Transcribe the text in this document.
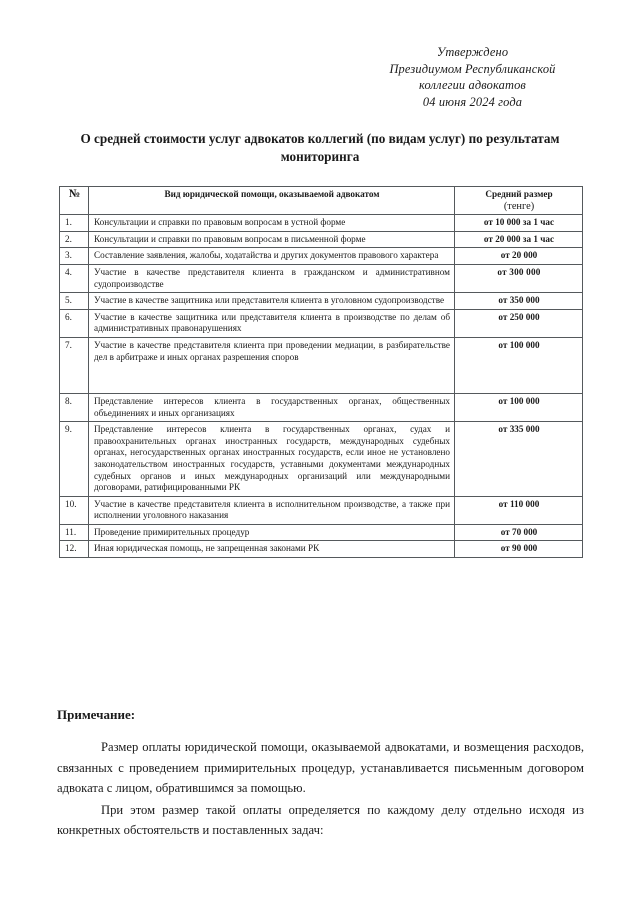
Утверждено
Президиумом Республиканской
коллегии адвокатов
04 июня 2024 года
О средней стоимости услуг адвокатов коллегий (по видам услуг) по результатам мониторинга
№	Вид юридической помощи, оказываемой адвокатом	Средний размер
(тенге)

1.	Консультации и справки по правовым вопросам в устной форме	от 10 000 за 1 час
2.	Консультации и справки по правовым вопросам в письменной форме	от 20 000 за 1 час
3.	Составление заявления, жалобы, ходатайства и других документов правового характера	от 20 000
4.	Участие в качестве представителя клиента в гражданском и административном судопроизводстве	от 300 000
5.	Участие в качестве защитника или представителя клиента в уголовном судопроизводстве	от 350 000
6.	Участие в качестве защитника или представителя клиента в производстве по делам об административных правонарушениях	от 250 000
7.	Участие в качестве представителя клиента при проведении медиации, в разбирательстве дел в арбитраже и иных органах разрешения споров	от 100 000
8.	Представление интересов клиента в государственных органах, общественных объединениях и иных организациях	от 100 000
9.	Представление интересов клиента в государственных органах, судах и правоохранительных органах иностранных государств, международных судебных органах, негосударственных органах иностранных государств, если иное не установлено законодательством иностранных государств, уставными документами международных судебных органов и иных международных организаций или международными договорами, ратифицированными РК	от 335 000
10.	Участие в качестве представителя клиента в исполнительном производстве, а также при исполнении уголовного наказания	от 110 000
11.	Проведение примирительных процедур	от 70 000
12.	Иная юридическая помощь, не запрещенная законами РК	от 90 000
Примечание:

Размер оплаты юридической помощи, оказываемой адвокатами, и возмещения расходов, связанных с проведением примирительных процедур, устанавливается письменным договором адвоката с лицом, обратившимся за помощью.

При этом размер такой оплаты определяется по каждому делу отдельно исходя из конкретных обстоятельств и поставленных задач:
